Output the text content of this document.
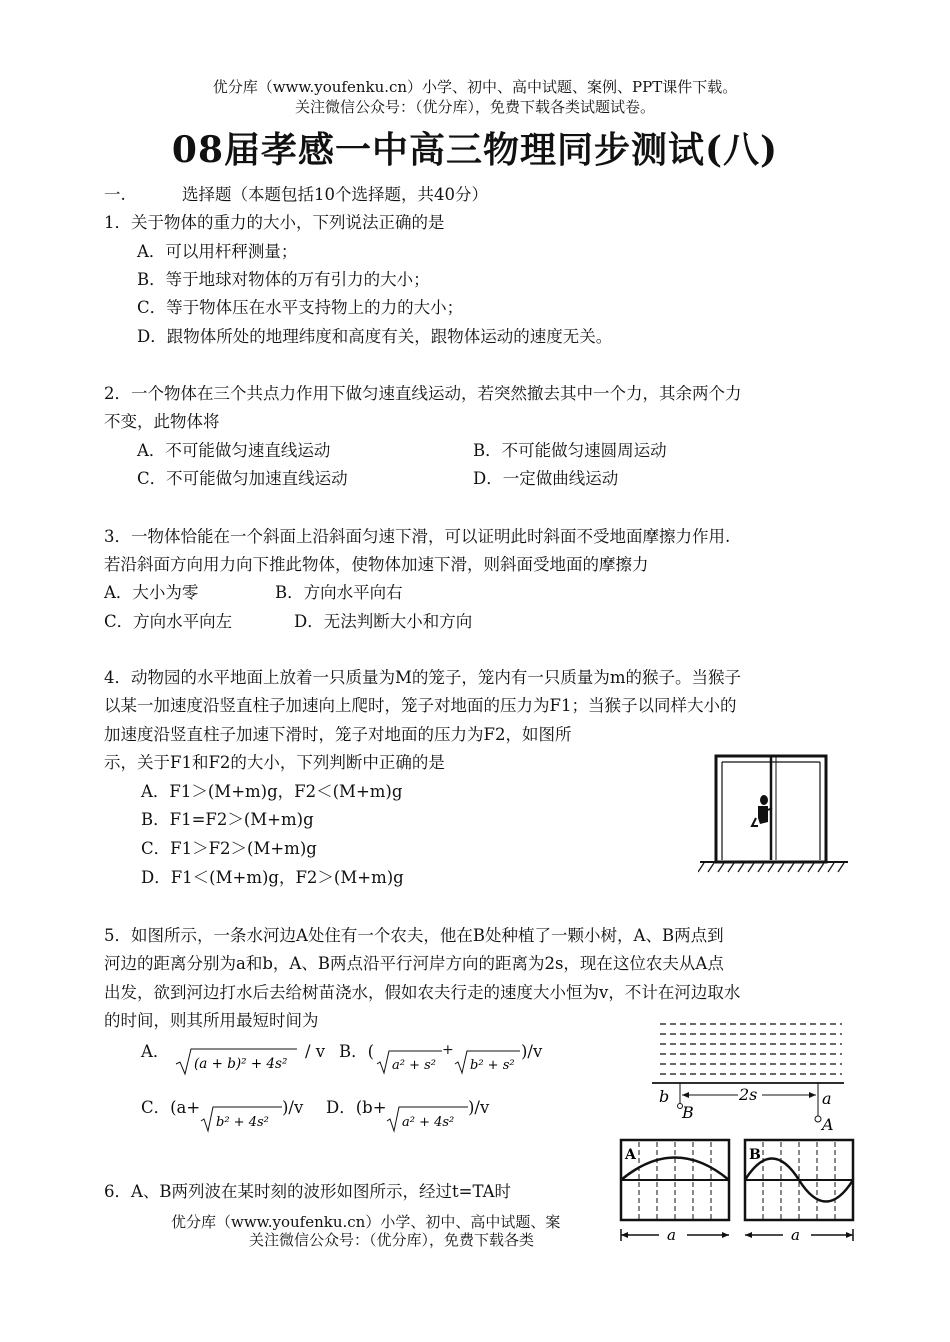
优分库（www.youfenku.cn）小学、初中、高中试题、案例、PPT课件下载。
关注微信公众号：（优分库），免费下载各类试题试卷。
08届孝感一中高三物理同步测试(八)
一.	选择题（本题包括10个选择题，共40分）
1．关于物体的重力的大小，下列说法正确的是
A．可以用杆秤测量；
B．等于地球对物体的万有引力的大小；
C．等于物体压在水平支持物上的力的大小；
D．跟物体所处的地理纬度和高度有关，跟物体运动的速度无关。
2．一个物体在三个共点力作用下做匀速直线运动，若突然撤去其中一个力，其余两个力
不变，此物体将
A．不可能做匀速直线运动	B．不可能做匀速圆周运动
C．不可能做匀加速直线运动	D．一定做曲线运动
3．一物体恰能在一个斜面上沿斜面匀速下滑，可以证明此时斜面不受地面摩擦力作用.
若沿斜面方向用力向下推此物体，使物体加速下滑，则斜面受地面的摩擦力
A．大小为零	B．方向水平向右
C．方向水平向左	D．无法判断大小和方向
4．动物园的水平地面上放着一只质量为M的笼子，笼内有一只质量为m的猴子。当猴子
以某一加速度沿竖直柱子加速向上爬时，笼子对地面的压力为F1；当猴子以同样大小的
加速度沿竖直柱子加速下滑时，笼子对地面的压力为F2，如图所
示，关于F1和F2的大小，下列判断中正确的是
A．F1＞(M+m)g，F2＜(M+m)g
B．F1=F2＞(M+m)g
C．F1＞F2＞(M+m)g
D．F1＜(M+m)g，F2＞(M+m)g
5．如图所示，一条水河边A处住有一个农夫，他在B处种植了一颗小树，A、B两点到
河边的距离分别为a和b，A、B两点沿平行河岸方向的距离为2s，现在这位农夫从A点
出发，欲到河边打水后去给树苗浇水，假如农夫行走的速度大小恒为v，不计在河边取水
的时间，则其所用最短时间为
A．
(a + b)² + 4s²
/ v B．(
a² + s²
+
b² + s²
)/v
C．(a+
b² + 4s²
)/v D．(b+
a² + 4s²
)/v
b
B
2s	a
A
6．A、B两列波在某时刻的波形如图所示，经过t=TA时
A	B
a	a
优分库（www.youfenku.cn）小学、初中、高中试题、案
关注微信公众号：（优分库），免费下载各类
